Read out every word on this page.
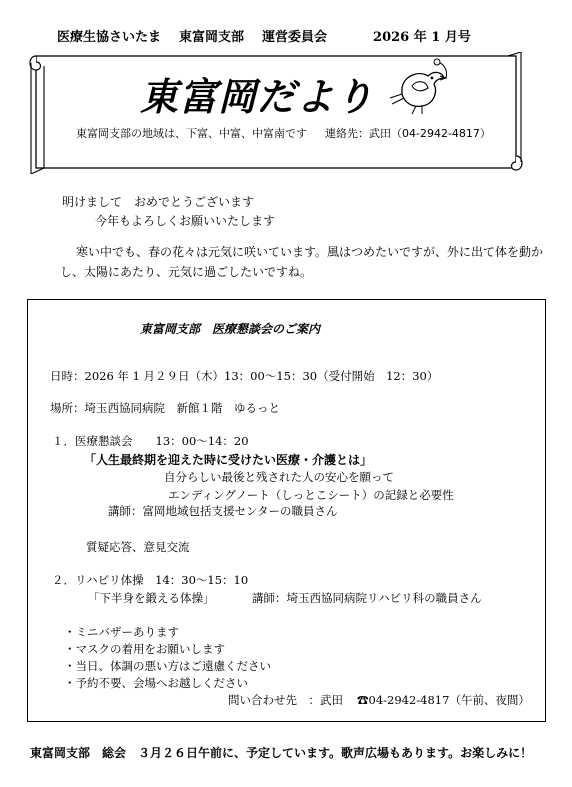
医療生協さいたま 東富岡支部 運営委員会	2026 年 1 月号
東富岡だより
東富岡支部の地域は、下富、中富、中富南です 連絡先：武田（04-2942-4817）
明けまして　おめでとうございます
今年もよろしくお願いいたします
寒い中でも、春の花々は元気に咲いています。風はつめたいですが、外に出て体を動か
し、太陽にあたり、元気に過ごしたいですね。
東富岡支部　医療懇談会のご案内
日時：2026 年 1 月２９日（木）13：00～15：30（受付開始　12：30）
場所：埼玉西協同病院　新館１階　ゆるっと
１．医療懇談会　　13：00～14：20
「人生最終期を迎えた時に受けたい医療・介護とは」
自分らしい最後と残された人の安心を願って
エンディングノート（しっとこシート）の記録と必要性
講師：富岡地域包括支援センターの職員さん
質疑応答、意見交流
２．リハビリ体操　14：30～15：10
「下半身を鍛える体操」	講師：埼玉西協同病院リハビリ科の職員さん
・ミニバザーあります
・マスクの着用をお願いします
・当日、体調の悪い方はご遠慮ください
・予約不要、会場へお越しください
問い合わせ先　：武田 ☎04-2942-4817（午前、夜間）
東富岡支部　総会　３月２６日午前に、予定しています。歌声広場もあります。お楽しみに！
